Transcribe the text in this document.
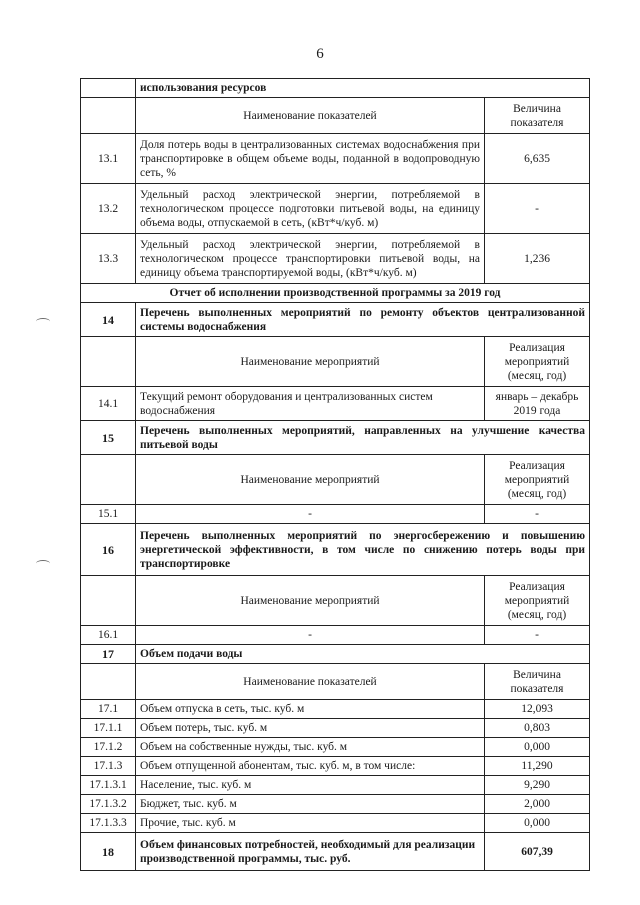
6
	использования ресурсов	
	Наименование показателей	Величина показателя
13.1	Доля потерь воды в централизованных системах водоснабжения при транспортировке в общем объеме воды, поданной в водопроводную сеть, %	6,635
13.2	Удельный расход электрической энергии, потребляемой в технологическом процессе подготовки питьевой воды, на единицу объема воды, отпускаемой в сеть, (кВт*ч/куб. м)	-
13.3	Удельный расход электрической энергии, потребляемой в технологическом процессе транспортировки питьевой воды, на единицу объема транспортируемой воды, (кВт*ч/куб. м)	1,236
Отчет об исполнении производственной программы за 2019 год		
14	Перечень выполненных мероприятий по ремонту объектов централизованной системы водоснабжения	
	Наименование мероприятий	Реализация мероприятий (месяц, год)
14.1	Текущий ремонт оборудования и централизованных систем водоснабжения	январь – декабрь 2019 года
15	Перечень выполненных мероприятий, направленных на улучшение качества питьевой воды	
	Наименование мероприятий	Реализация мероприятий (месяц, год)
15.1	-	-
16	Перечень выполненных мероприятий по энергосбережению и повышению энергетической эффективности, в том числе по снижению потерь воды при транспортировке	
	Наименование мероприятий	Реализация мероприятий (месяц, год)
16.1	-	-
17	Объем подачи воды	
	Наименование показателей	Величина показателя
17.1	Объем отпуска в сеть, тыс. куб. м	12,093
17.1.1	Объем потерь, тыс. куб. м	0,803
17.1.2	Объем на собственные нужды, тыс. куб. м	0,000
17.1.3	Объем отпущенной абонентам, тыс. куб. м, в том числе:	11,290
17.1.3.1	Население, тыс. куб. м	9,290
17.1.3.2	Бюджет, тыс. куб. м	2,000
17.1.3.3	Прочие, тыс. куб. м	0,000
18	Объем финансовых потребностей, необходимый для реализации производственной программы, тыс. руб.	607,39
